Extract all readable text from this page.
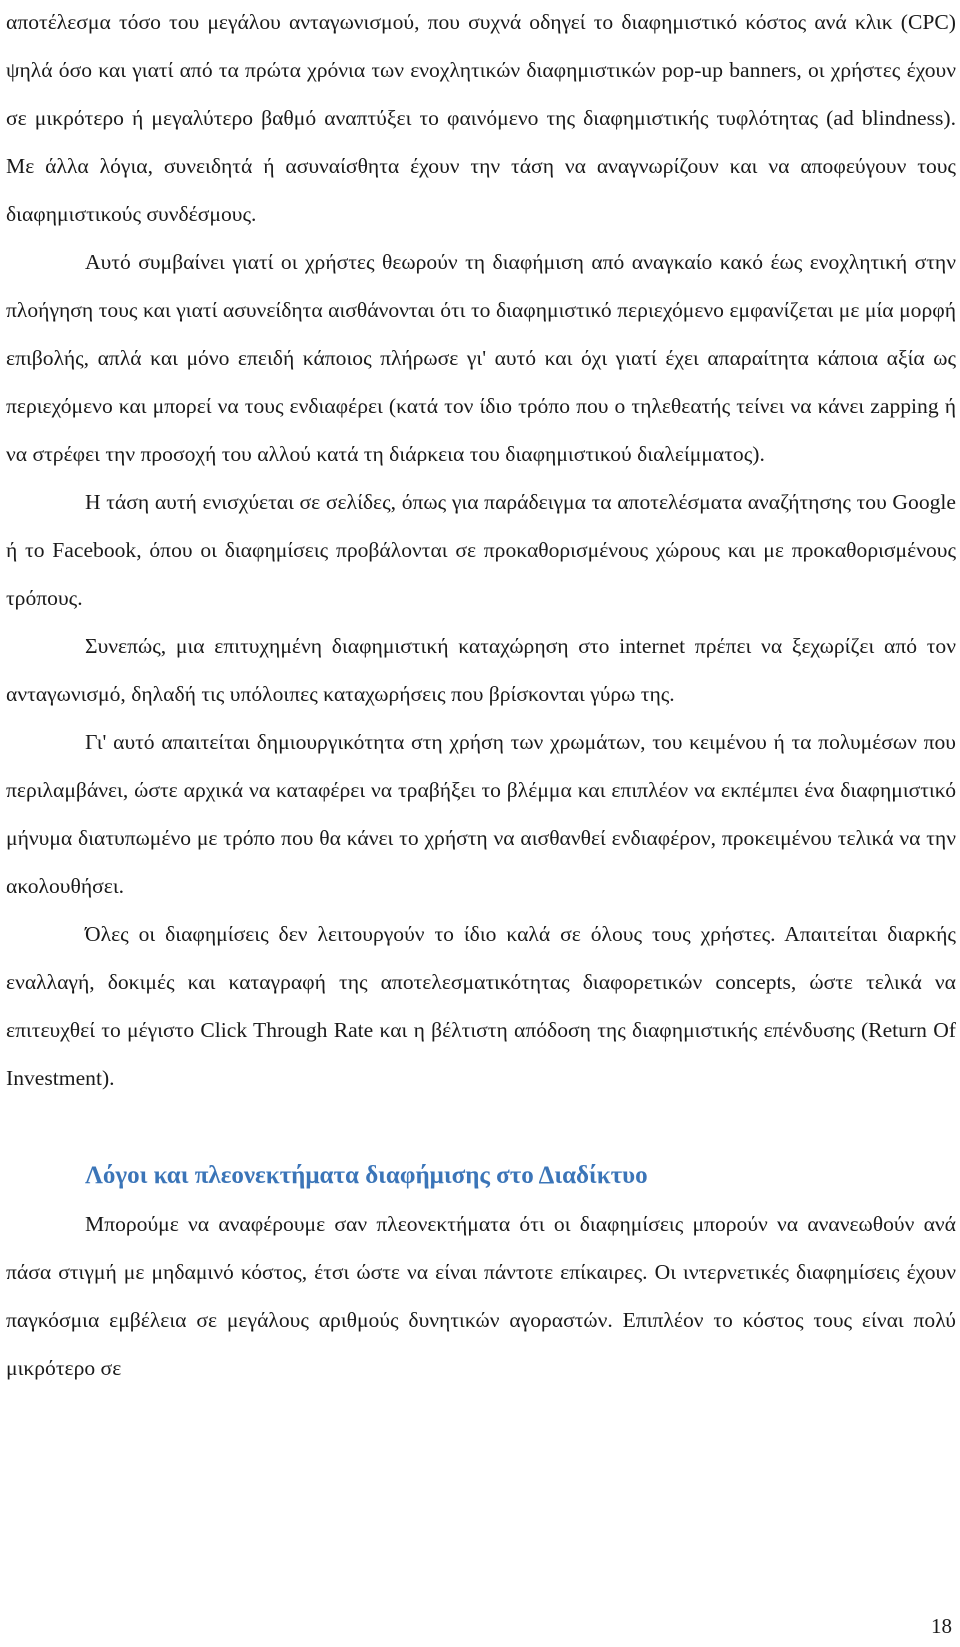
αποτέλεσμα τόσο του μεγάλου ανταγωνισμού, που συχνά οδηγεί το διαφημιστικό κόστος ανά κλικ (CPC) ψηλά όσο και γιατί από τα πρώτα χρόνια των ενοχλητικών διαφημιστικών pop-up banners, οι χρήστες έχουν σε μικρότερο ή μεγαλύτερο βαθμό αναπτύξει το φαινόμενο της διαφημιστικής τυφλότητας (ad blindness). Με άλλα λόγια, συνειδητά ή ασυναίσθητα έχουν την τάση να αναγνωρίζουν και να αποφεύγουν τους διαφημιστικούς συνδέσμους.

Αυτό συμβαίνει γιατί οι χρήστες θεωρούν τη διαφήμιση από αναγκαίο κακό έως ενοχλητική στην πλοήγηση τους και γιατί ασυνείδητα αισθάνονται ότι το διαφημιστικό περιεχόμενο εμφανίζεται με μία μορφή επιβολής, απλά και μόνο επειδή κάποιος πλήρωσε γι' αυτό και όχι γιατί έχει απαραίτητα κάποια αξία ως περιεχόμενο και μπορεί να τους ενδιαφέρει (κατά τον ίδιο τρόπο που ο τηλεθεατής τείνει να κάνει zapping ή να στρέφει την προσοχή του αλλού κατά τη διάρκεια του διαφημιστικού διαλείμματος).

Η τάση αυτή ενισχύεται σε σελίδες, όπως για παράδειγμα τα αποτελέσματα αναζήτησης του Google ή το Facebook, όπου οι διαφημίσεις προβάλονται σε προκαθορισμένους χώρους και με προκαθορισμένους τρόπους.

Συνεπώς, μια επιτυχημένη διαφημιστική καταχώρηση στο internet πρέπει να ξεχωρίζει από τον ανταγωνισμό, δηλαδή τις υπόλοιπες καταχωρήσεις που βρίσκονται γύρω της.

Γι' αυτό απαιτείται δημιουργικότητα στη χρήση των χρωμάτων, του κειμένου ή τα πολυμέσων που περιλαμβάνει, ώστε αρχικά να καταφέρει να τραβήξει το βλέμμα και επιπλέον να εκπέμπει ένα διαφημιστικό μήνυμα διατυπωμένο με τρόπο που θα κάνει το χρήστη να αισθανθεί ενδιαφέρον, προκειμένου τελικά να την ακολουθήσει.

Όλες οι διαφημίσεις δεν λειτουργούν το ίδιο καλά σε όλους τους χρήστες. Απαιτείται διαρκής εναλλαγή, δοκιμές και καταγραφή της αποτελεσματικότητας διαφορετικών concepts, ώστε τελικά να επιτευχθεί το μέγιστο Click Through Rate και η βέλτιστη απόδοση της διαφημιστικής επένδυσης (Return Of Investment).

Λόγοι και πλεονεκτήματα διαφήμισης στο Διαδίκτυο

Μπορούμε να αναφέρουμε σαν πλεονεκτήματα ότι οι διαφημίσεις μπορούν να ανανεωθούν ανά πάσα στιγμή με μηδαμινό κόστος, έτσι ώστε να είναι πάντοτε επίκαιρες. Οι ιντερνετικές διαφημίσεις έχουν παγκόσμια εμβέλεια σε μεγάλους αριθμούς δυνητικών αγοραστών. Επιπλέον το κόστος τους είναι πολύ μικρότερο σε

18
